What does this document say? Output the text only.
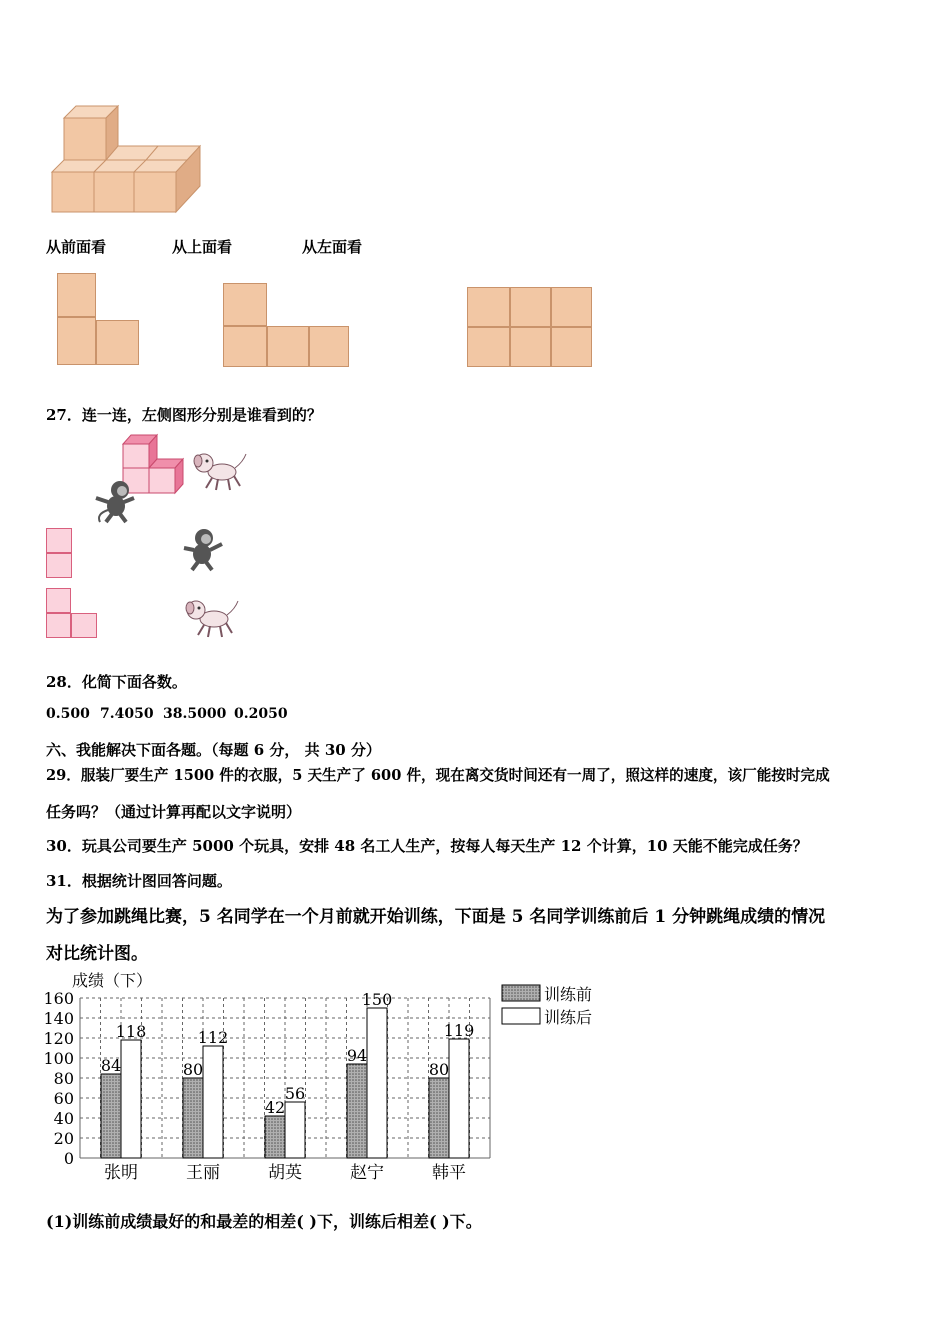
从前面看	从上面看	从左面看
27．连一连，左侧图形分别是谁看到的？
28．化简下面各数。
0.500 7.4050 38.5000 0.2050
六、我能解决下面各题。（每题 6 分， 共 30 分）
29．服装厂要生产 1500 件的衣服，5 天生产了 600 件，现在离交货时间还有一周了，照这样的速度，该厂能按时完成
任务吗？（通过计算再配以文字说明）
30．玩具公司要生产 5000 个玩具，安排 48 名工人生产，按每人每天生产 12 个计算，10 天能不能完成任务？
31．根据统计图回答问题。
为了参加跳绳比赛，5 名同学在一个月前就开始训练，下面是 5 名同学训练前后 1 分钟跳绳成绩的情况
对比统计图。
成绩（下）
0
20
40
60
80
100
120
140
160
84
118
张明
80
112
王丽
42
56
胡英
94
150
赵宁
80
119
韩平
训练前
训练后
(1)训练前成绩最好的和最差的相差( )下，训练后相差( )下。
